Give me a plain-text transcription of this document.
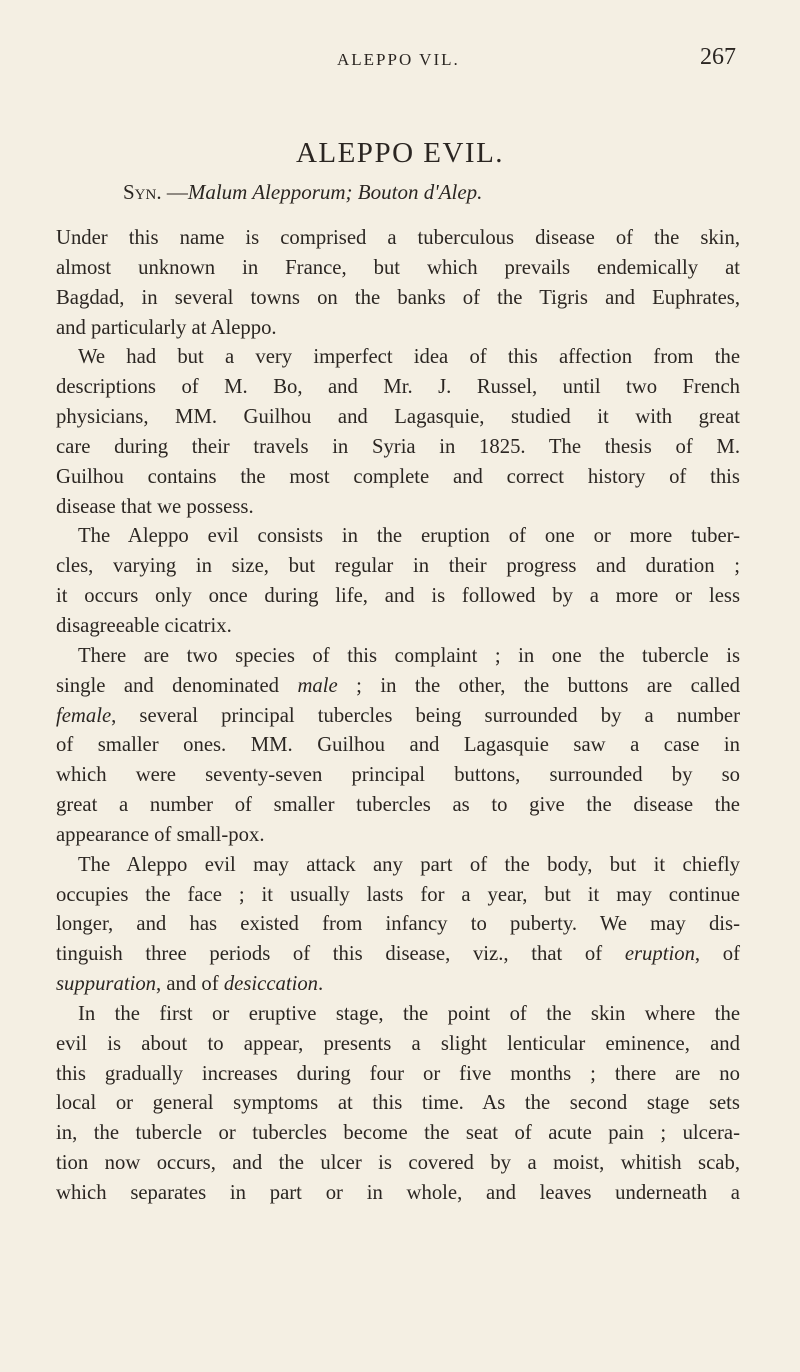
ALEPPO VIL.	267
ALEPPO EVIL.
Syn. —Malum Alepporum; Bouton d'Alep.
Under this name is comprised a tuberculous disease of the skin,
almost unknown in France, but which prevails endemically at
Bagdad, in several towns on the banks of the Tigris and Euphrates,
and particularly at Aleppo.
We had but a very imperfect idea of this affection from the
descriptions of M. Bo, and Mr. J. Russel, until two French
physicians, MM. Guilhou and Lagasquie, studied it with great
care during their travels in Syria in 1825. The thesis of M.
Guilhou contains the most complete and correct history of this
disease that we possess.
The Aleppo evil consists in the eruption of one or more tuber-
cles, varying in size, but regular in their progress and duration ;
it occurs only once during life, and is followed by a more or less
disagreeable cicatrix.
There are two species of this complaint ; in one the tubercle is
single and denominated male ; in the other, the buttons are called
female, several principal tubercles being surrounded by a number
of smaller ones. MM. Guilhou and Lagasquie saw a case in
which were seventy-seven principal buttons, surrounded by so
great a number of smaller tubercles as to give the disease the
appearance of small-pox.
The Aleppo evil may attack any part of the body, but it chiefly
occupies the face ; it usually lasts for a year, but it may continue
longer, and has existed from infancy to puberty. We may dis-
tinguish three periods of this disease, viz., that of eruption, of
suppuration, and of desiccation.
In the first or eruptive stage, the point of the skin where the
evil is about to appear, presents a slight lenticular eminence, and
this gradually increases during four or five months ; there are no
local or general symptoms at this time. As the second stage sets
in, the tubercle or tubercles become the seat of acute pain ; ulcera-
tion now occurs, and the ulcer is covered by a moist, whitish scab,
which separates in part or in whole, and leaves underneath a
